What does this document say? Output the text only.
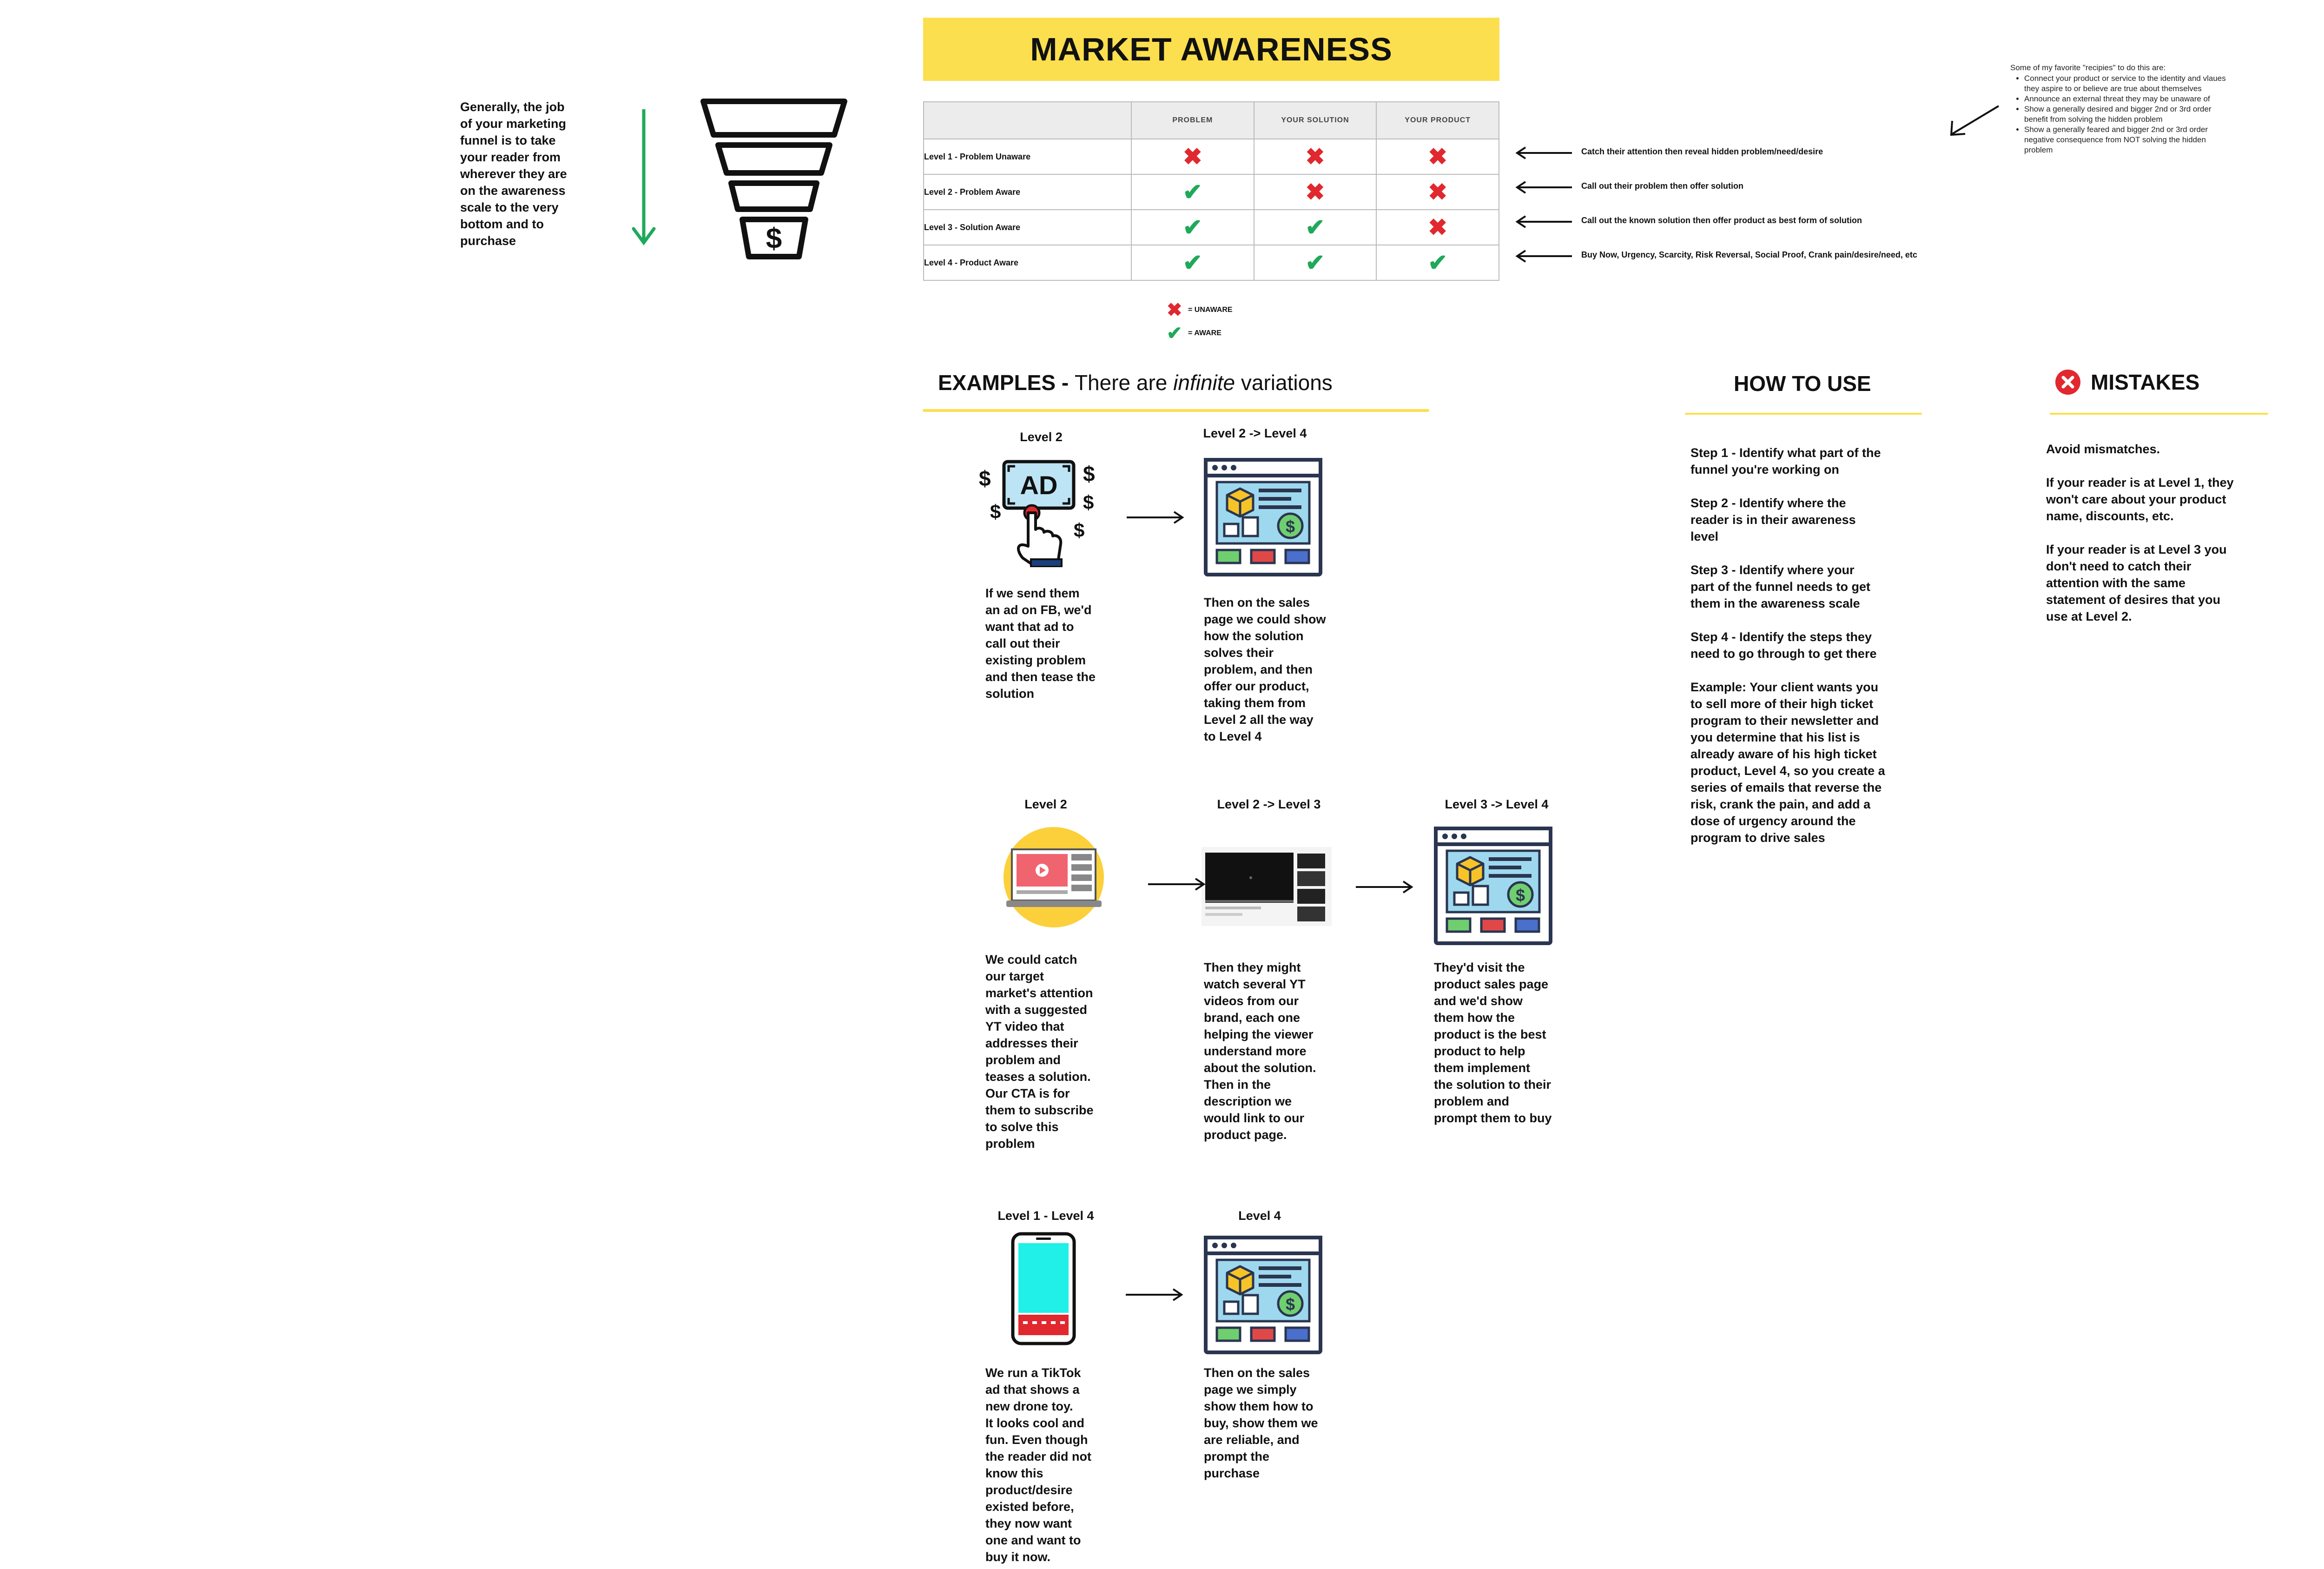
MARKET AWARENESS
Generally, the job
of your marketing
funnel is to take
your reader from
wherever they are
on the awareness
scale to the very
bottom and to
purchase	$
	PROBLEM	YOUR SOLUTION	YOUR PRODUCT
Level 1 - Problem Unaware	✖	✖	✖
Level 2 - Problem Aware	✔	✖	✖
Level 3 - Solution Aware	✔	✔	✖
Level 4 - Product Aware	✔	✔	✔
Catch their attention then reveal hidden problem/need/desire
Call out their problem then offer solution
Call out the known solution then offer product as best form of solution
Buy Now, Urgency, Scarcity, Risk Reversal, Social Proof, Crank pain/desire/need, etc
✖ = UNAWARE
✔ = AWARE
Some of my favorite "recipies" to do this are:
• Connect your product or service to the identity and vlaues
they aspire to or believe are true about themselves
• Announce an external threat they may be unaware of
• Show a generally desired and bigger 2nd or 3rd order
benefit from solving the hidden problem
• Show a generally feared and bigger 2nd or 3rd order
negative consequence from NOT solving the hidden
problem
EXAMPLES - There are infinite variations
Level 2	Level 2 -> Level 4
$	$
$
$
$
AD
If we send them
an ad on FB, we'd
want that ad to
call out their
existing problem
and then tease the
solution
Then on the sales
page we could show
how the solution
solves their
problem, and then
offer our product,
taking them from
Level 2 all the way
to Level 4
Level 2	Level 2 -> Level 3	Level 3 -> Level 4
We could catch
our target
market's attention
with a suggested
YT video that
addresses their
problem and
teases a solution.
Our CTA is for
them to subscribe
to solve this
problem
Then they might
watch several YT
videos from our
brand, each one
helping the viewer
understand more
about the solution.
Then in the
description we
would link to our
product page.
They'd visit the
product sales page
and we'd show
them how the
product is the best
product to help
them implement
the solution to their
problem and
prompt them to buy
Level 1 - Level 4	Level 4
We run a TikTok
ad that shows a
new drone toy.
It looks cool and
fun. Even though
the reader did not
know this
product/desire
existed before,
they now want
one and want to
buy it now.
Then on the sales
page we simply
show them how to
buy, show them we
are reliable, and
prompt the
purchase
HOW TO USE
Step 1 - Identify what part of the
funnel you're working on

Step 2 - Identify where the
reader is in their awareness
level

Step 3 - Identify where your
part of the funnel needs to get
them in the awareness scale

Step 4 - Identify the steps they
need to go through to get there

Example: Your client wants you
to sell more of their high ticket
program to their newsletter and
you determine that his list is
already aware of his high ticket
product, Level 4, so you create a
series of emails that reverse the
risk, crank the pain, and add a
dose of urgency around the
program to drive sales
MISTAKES
Avoid mismatches.

If your reader is at Level 1, they
won't care about your product
name, discounts, etc.

If your reader is at Level 3 you
don't need to catch their
attention with the same
statement of desires that you
use at Level 2.
$
$
$
